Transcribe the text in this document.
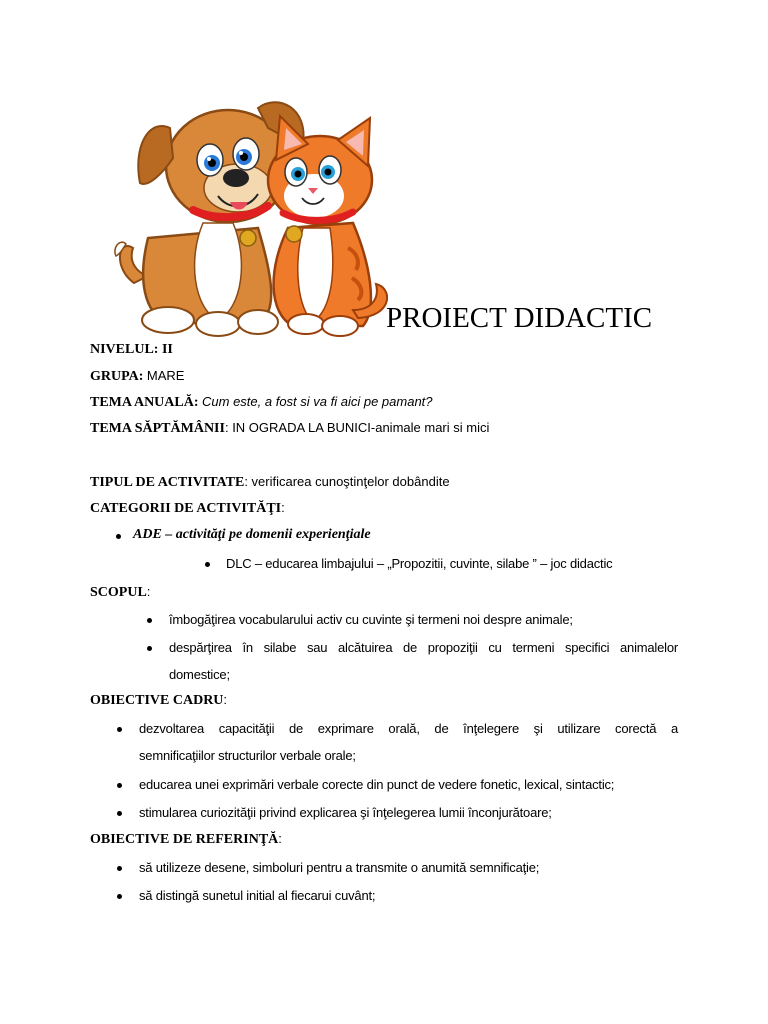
PROIECT DIDACTIC
NIVELUL: II
GRUPA: MARE
TEMA ANUALĂ: Cum este, a fost si va fi aici pe pamant?
TEMA SĂPTĂMÂNII: IN OGRADA LA BUNICI-animale mari si mici
TIPUL DE ACTIVITATE: verificarea cunoştinţelor dobândite
CATEGORII DE ACTIVITĂŢI:
ADE – activităţi pe domenii experienţiale
DLC – educarea limbajului – „Propozitii, cuvinte, silabe ” – joc didactic
SCOPUL:
îmbogăţirea vocabularului activ cu cuvinte şi termeni noi despre animale;
despărţirea în silabe sau alcătuirea de propoziţii cu termeni specifici animalelor
domestice;
OBIECTIVE CADRU:
dezvoltarea capacităţii de exprimare orală, de înţelegere şi utilizare corectă a
semnificaţiilor structurilor verbale orale;
educarea unei exprimări verbale corecte din punct de vedere fonetic, lexical, sintactic;
stimularea curiozităţii privind explicarea şi înţelegerea lumii înconjurătoare;
OBIECTIVE DE REFERINŢĂ:
să utilizeze desene, simboluri pentru a transmite o anumită semnificaţie;
să distingă sunetul initial al fiecarui cuvânt;
